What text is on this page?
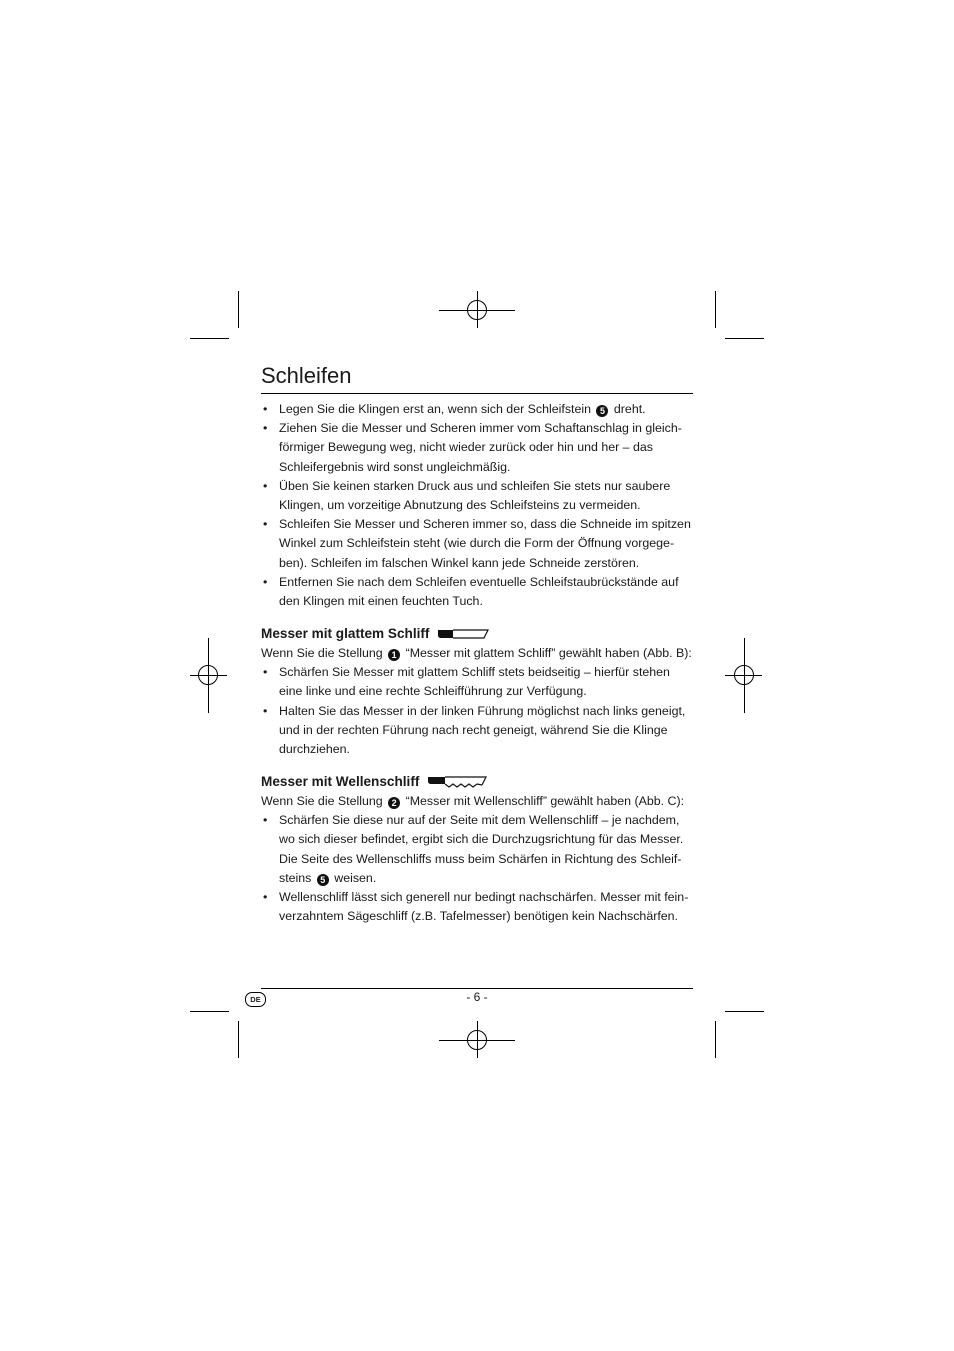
Schleifen
• Legen Sie die Klingen erst an, wenn sich der Schleifstein 5 dreht.
• Ziehen Sie die Messer und Scheren immer vom Schaftanschlag in gleich-förmiger Bewegung weg, nicht wieder zurück oder hin und her – das Schleifergebnis wird sonst ungleichmäßig.
• Üben Sie keinen starken Druck aus und schleifen Sie stets nur saubere Klingen, um vorzeitige Abnutzung des Schleifsteins zu vermeiden.
• Schleifen Sie Messer und Scheren immer so, dass die Schneide im spitzen Winkel zum Schleifstein steht (wie durch die Form der Öffnung vorgege-ben). Schleifen im falschen Winkel kann jede Schneide zerstören.
• Entfernen Sie nach dem Schleifen eventuelle Schleifstaubrückstände auf den Klingen mit einen feuchten Tuch.
Messer mit glattem Schliff

Wenn Sie die Stellung 1 “Messer mit glattem Schliff” gewählt haben (Abb. B):

• Schärfen Sie Messer mit glattem Schliff stets beidseitig – hierfür stehen eine linke und eine rechte Schleifführung zur Verfügung.
• Halten Sie das Messer in der linken Führung möglichst nach links geneigt, und in der rechten Führung nach recht geneigt, während Sie die Klinge durchziehen.
Messer mit Wellenschliff

Wenn Sie die Stellung 2 “Messer mit Wellenschliff” gewählt haben (Abb. C):

• Schärfen Sie diese nur auf der Seite mit dem Wellenschliff – je nachdem, wo sich dieser befindet, ergibt sich die Durchzugsrichtung für das Messer. Die Seite des Wellenschliffs muss beim Schärfen in Richtung des Schleif-steins 5 weisen.
• Wellenschliff lässt sich generell nur bedingt nachschärfen. Messer mit fein-verzahntem Sägeschliff (z.B. Tafelmesser) benötigen kein Nachschärfen.
DE	- 6 -
